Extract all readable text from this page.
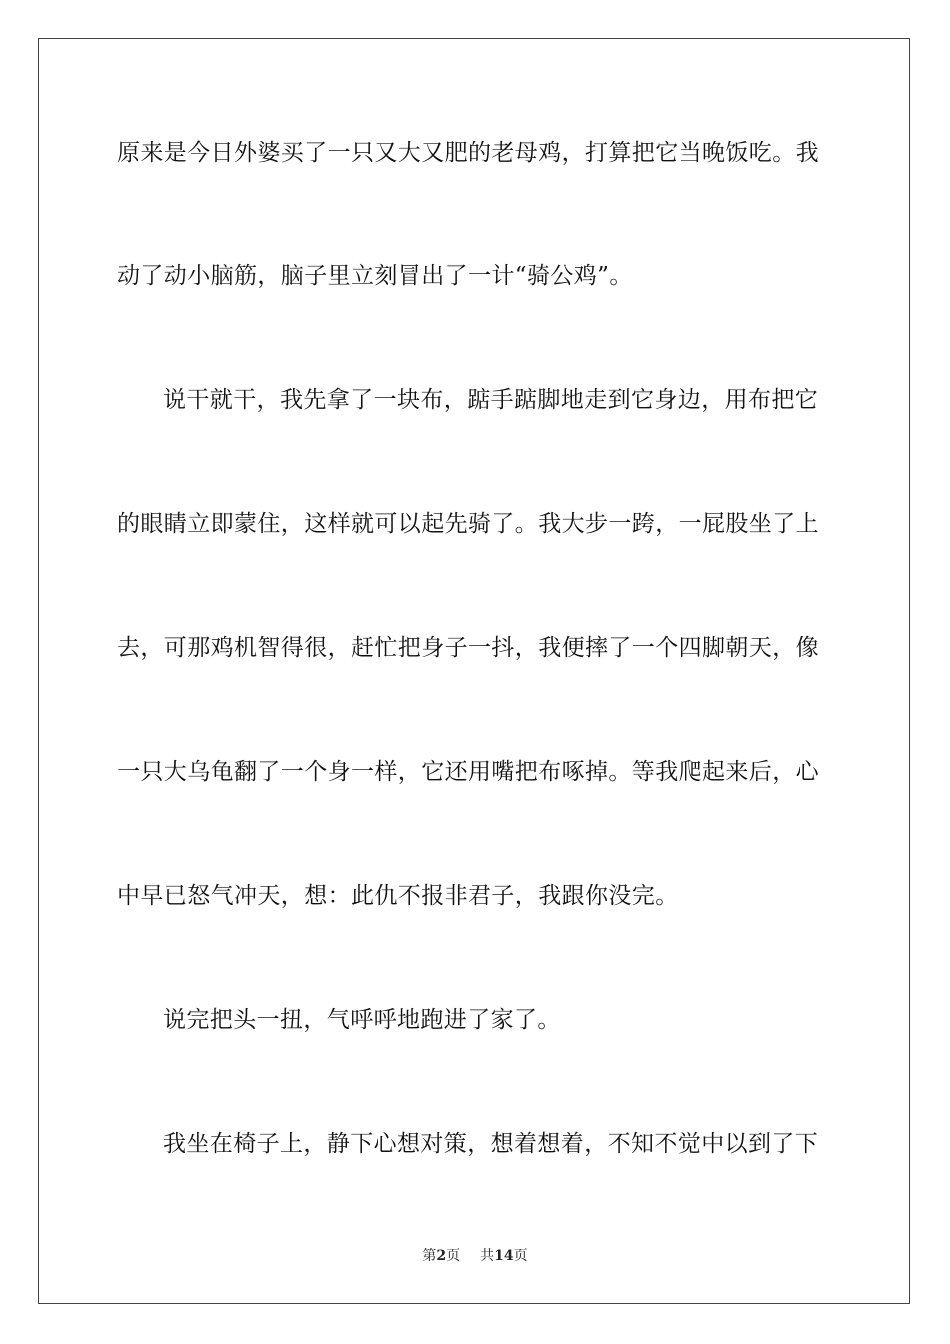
原来是今日外婆买了一只又大又肥的老母鸡，打算把它当晚饭吃。我
动了动小脑筋，脑子里立刻冒出了一计“骑公鸡”。
说干就干，我先拿了一块布，踮手踮脚地走到它身边，用布把它
的眼睛立即蒙住，这样就可以起先骑了。我大步一跨，一屁股坐了上
去，可那鸡机智得很，赶忙把身子一抖，我便摔了一个四脚朝天，像
一只大乌龟翻了一个身一样，它还用嘴把布啄掉。等我爬起来后，心
中早已怒气冲天，想：此仇不报非君子，我跟你没完。
说完把头一扭，气呼呼地跑进了家了。
我坐在椅子上，静下心想对策，想着想着，不知不觉中以到了下
第2页 共14页
